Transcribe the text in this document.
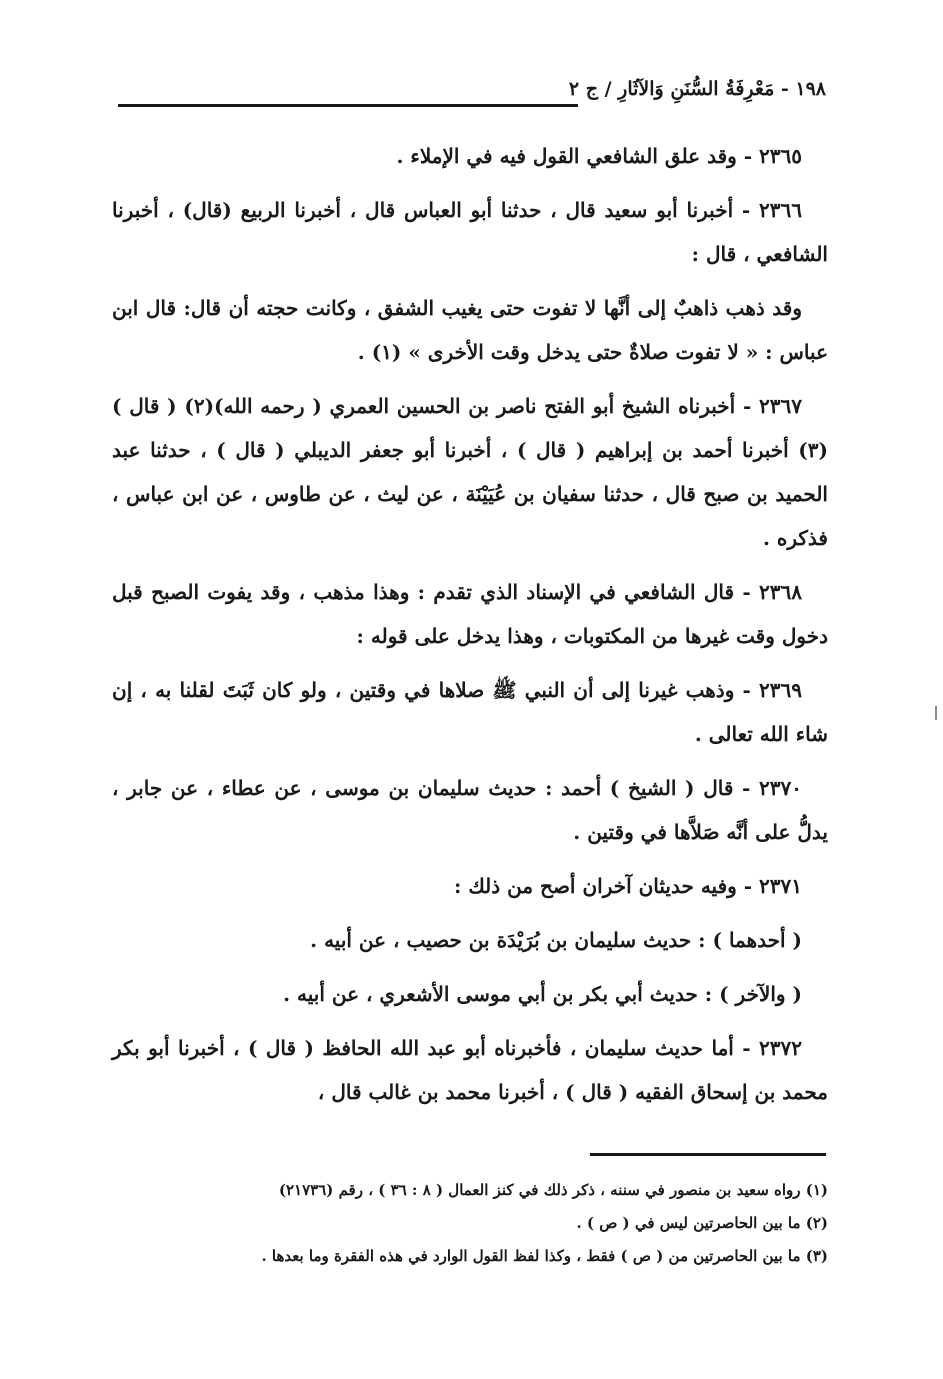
١٩٨ - مَعْرِفَةُ السُّنَنِ وَالآثَارِ / ج ٢

٢٣٦٥ - وقد علق الشافعي القول فيه في الإملاء .

٢٣٦٦ - أخبرنا أبو سعيد قال ، حدثنا أبو العباس قال ، أخبرنا الربيع (قال) ، أخبرنا الشافعي ، قال :

وقد ذهب ذاهبٌ إلى أنَّها لا تفوت حتى يغيب الشفق ، وكانت حجته أن قال: قال ابن عباس : « لا تفوت صلاةٌ حتى يدخل وقت الأخرى » (١) .

٢٣٦٧ - أخبرناه الشيخ أبو الفتح ناصر بن الحسين العمري ( رحمه الله)(٢) ( قال ) (٣) أخبرنا أحمد بن إبراهيم ( قال ) ، أخبرنا أبو جعفر الديبلي ( قال ) ، حدثنا عبد الحميد بن صبح قال ، حدثنا سفيان بن عُيَيْنَة ، عن ليث ، عن طاوس ، عن ابن عباس ، فذكره .

٢٣٦٨ - قال الشافعي في الإسناد الذي تقدم : وهذا مذهب ، وقد يفوت الصبح قبل دخول وقت غيرها من المكتوبات ، وهذا يدخل على قوله :

٢٣٦٩ - وذهب غيرنا إلى أن النبي ﷺ صلاها في وقتين ، ولو كان ثَبَتَ لقلنا به ، إن شاء الله تعالى .

٢٣٧٠ - قال ( الشيخ ) أحمد : حديث سليمان بن موسى ، عن عطاء ، عن جابر ، يدلُّ على أنَّه صَلاَّها في وقتين .

٢٣٧١ - وفيه حديثان آخران أصح من ذلك :

( أحدهما ) : حديث سليمان بن بُرَيْدَة بن حصيب ، عن أبيه .

( والآخر ) : حديث أبي بكر بن أبي موسى الأشعري ، عن أبيه .

٢٣٧٢ - أما حديث سليمان ، فأخبرناه أبو عبد الله الحافظ ( قال ) ، أخبرنا أبو بكر محمد بن إسحاق الفقيه ( قال ) ، أخبرنا محمد بن غالب قال ،

(١) رواه سعيد بن منصور في سننه ، ذكر ذلك في كنز العمال ( ٨ : ٣٦ ) ، رقم (٢١٧٣٦)

(٢) ما بين الحاصرتين ليس في ( ص ) .

(٣) ما بين الحاصرتين من ( ص ) فقط ، وكذا لفظ القول الوارد في هذه الفقرة وما بعدها .
